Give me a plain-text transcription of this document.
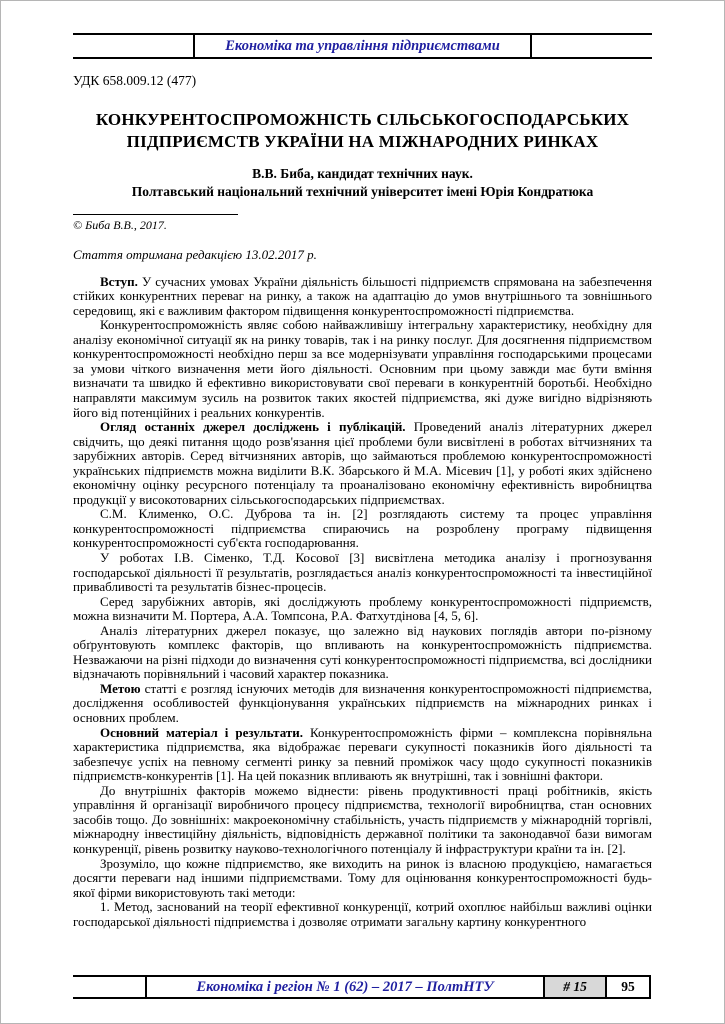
Економіка та управління підприємствами
УДК 658.009.12 (477)
КОНКУРЕНТОСПРОМОЖНІСТЬ СІЛЬСЬКОГОСПОДАРСЬКИХ ПІДПРИЄМСТВ УКРАЇНИ НА МІЖНАРОДНИХ РИНКАХ
В.В. Биба, кандидат технічних наук.
Полтавський національний технічний університет імені Юрія Кондратюка
© Биба В.В., 2017.
Стаття отримана редакцією 13.02.2017 р.

Вступ. У сучасних умовах України діяльність більшості підприємств спрямована на забезпечення стійких конкурентних переваг на ринку, а також на адаптацію до умов внутрішнього та зовнішнього середовищ, які є важливим фактором підвищення конкурентоспроможності підприємства.

Конкурентоспроможність являє собою найважливішу інтегральну характеристику, необхідну для аналізу економічної ситуації як на ринку товарів, так і на ринку послуг. Для досягнення підприємством конкурентоспроможності необхідно перш за все модернізувати управління господарськими процесами за умови чіткого визначення мети його діяльності. Основним при цьому завжди має бути вміння визначати та швидко й ефективно використовувати свої переваги в конкурентній боротьбі. Необхідно направляти максимум зусиль на розвиток таких якостей підприємства, які дуже вигідно відрізняють його від потенційних і реальних конкурентів.

Огляд останніх джерел досліджень і публікацій. Проведений аналіз літературних джерел свідчить, що деякі питання щодо розв'язання цієї проблеми були висвітлені в роботах вітчизняних та зарубіжних авторів. Серед вітчизняних авторів, що займаються проблемою конкурентоспроможності українських підприємств можна виділити В.К. Збарського й М.А. Місевич [1], у роботі яких здійснено економічну оцінку ресурсного потенціалу та проаналізовано економічну ефективність виробництва продукції у високотоварних сільськогосподарських підприємствах.

С.М. Клименко, О.С. Дуброва та ін. [2] розглядають систему та процес управління конкурентоспроможності підприємства спираючись на розроблену програму підвищення конкурентоспроможності суб'єкта господарювання.

У роботах І.В. Сіменко, Т.Д. Косової [3] висвітлена методика аналізу і прогнозування господарської діяльності її результатів, розглядається аналіз конкурентоспроможності та інвестиційної привабливості та результатів бізнес-процесів.

Серед зарубіжних авторів, які досліджують проблему конкурентоспроможності підприємств, можна визначити М. Портера, А.А. Томпсона, Р.А. Фатхутдінова [4, 5, 6].

Аналіз літературних джерел показує, що залежно від наукових поглядів автори по-різному обґрунтовують комплекс факторів, що впливають на конкурентоспроможність підприємства. Незважаючи на різні підходи до визначення суті конкурентоспроможності підприємства, всі дослідники відзначають порівняльний і часовий характер показника.

Метою статті є розгляд існуючих методів для визначення конкурентоспроможності підприємства, дослідження особливостей функціонування українських підприємств на міжнародних ринках і основних проблем.

Основний матеріал і результати. Конкурентоспроможність фірми – комплексна порівняльна характеристика підприємства, яка відображає переваги сукупності показників його діяльності та забезпечує успіх на певному сегменті ринку за певний проміжок часу щодо сукупності показників підприємств-конкурентів [1]. На цей показник впливають як внутрішні, так і зовнішні фактори.

До внутрішніх факторів можемо віднести: рівень продуктивності праці робітників, якість управління й організації виробничого процесу підприємства, технології виробництва, стан основних засобів тощо. До зовнішніх: макроекономічну стабільність, участь підприємств у міжнародній торгівлі, міжнародну інвестиційну діяльність, відповідність державної політики та законодавчої бази вимогам конкуренції, рівень розвитку науково-технологічного потенціалу й інфраструктури країни та ін. [2].

Зрозуміло, що кожне підприємство, яке виходить на ринок із власною продукцією, намагається досягти переваги над іншими підприємствами. Тому для оцінювання конкурентоспроможності будь-якої фірми використовують такі методи:

1. Метод, заснований на теорії ефективної конкуренції, котрий охоплює найбільш важливі оцінки господарської діяльності підприємства і дозволяє отримати загальну картину конкурентного

Економіка і регіон № 1 (62) – 2017 – ПолтНТУ	# 15	95
